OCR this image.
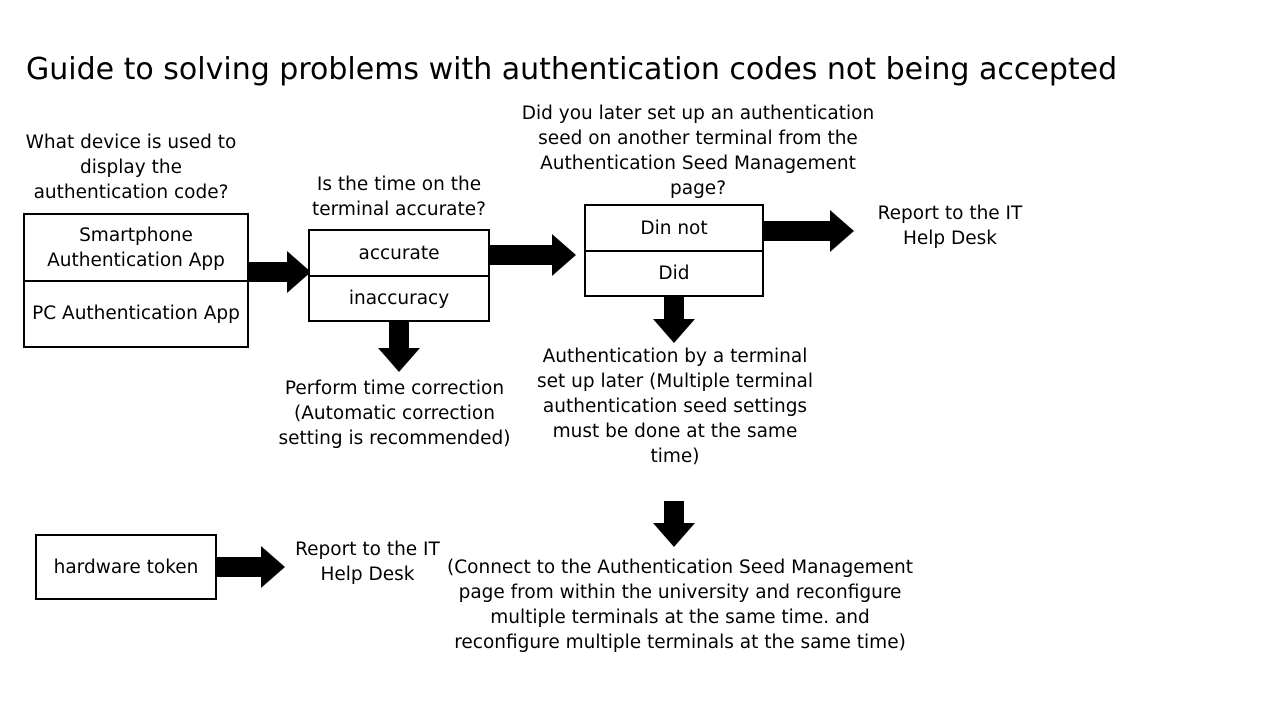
Guide to solving problems with authentication codes not being accepted
What device is used to display the authentication code?
Smartphone Authentication App
PC Authentication App
Is the time on the terminal accurate?
accurate
inaccuracy
Perform time correction (Automatic correction setting is recommended)
Did you later set up an authentication seed on another terminal from the Authentication Seed Management page?
Din not
Did
Report to the IT Help Desk
Authentication by a terminal set up later (Multiple terminal authentication seed settings must be done at the same time)
(Connect to the Authentication Seed Management page from within the university and reconfigure multiple terminals at the same time. and reconfigure multiple terminals at the same time)
hardware token
Report to the IT Help Desk
